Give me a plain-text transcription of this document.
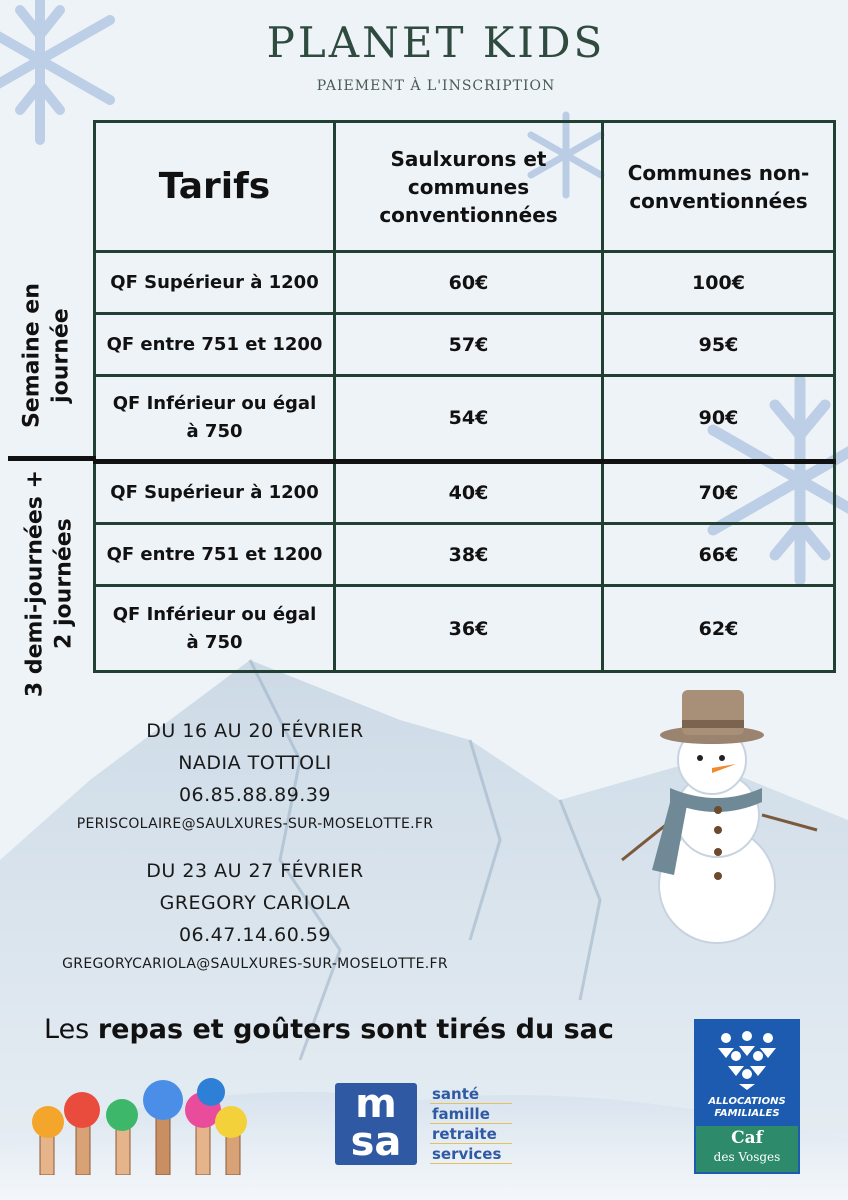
PLANET KIDS
PAIEMENT À L'INSCRIPTION
Tarifs	Saulxurons et communes conventionnées	Communes non-conventionnées
QF Supérieur à 1200	60€	100€
QF entre 751 et 1200	57€	95€
QF Inférieur ou égal à 750	54€	90€
QF Supérieur à 1200	40€	70€
QF entre 751 et 1200	38€	66€
QF Inférieur ou égal à 750	36€	62€
Semaine en journée
3 demi-journées + 2 journées
DU 16 AU 20 FÉVRIER
NADIA TOTTOLI
06.85.88.89.39
PERISCOLAIRE@SAULXURES-SUR-MOSELOTTE.FR
DU 23 AU 27 FÉVRIER
GREGORY CARIOLA
06.47.14.60.59
GREGORYCARIOLA@SAULXURES-SUR-MOSELOTTE.FR
Les repas et goûters sont tirés du sac
m
sa
santé
famille
retraite
services
ALLOCATIONS FAMILIALES
Caf
des Vosges
